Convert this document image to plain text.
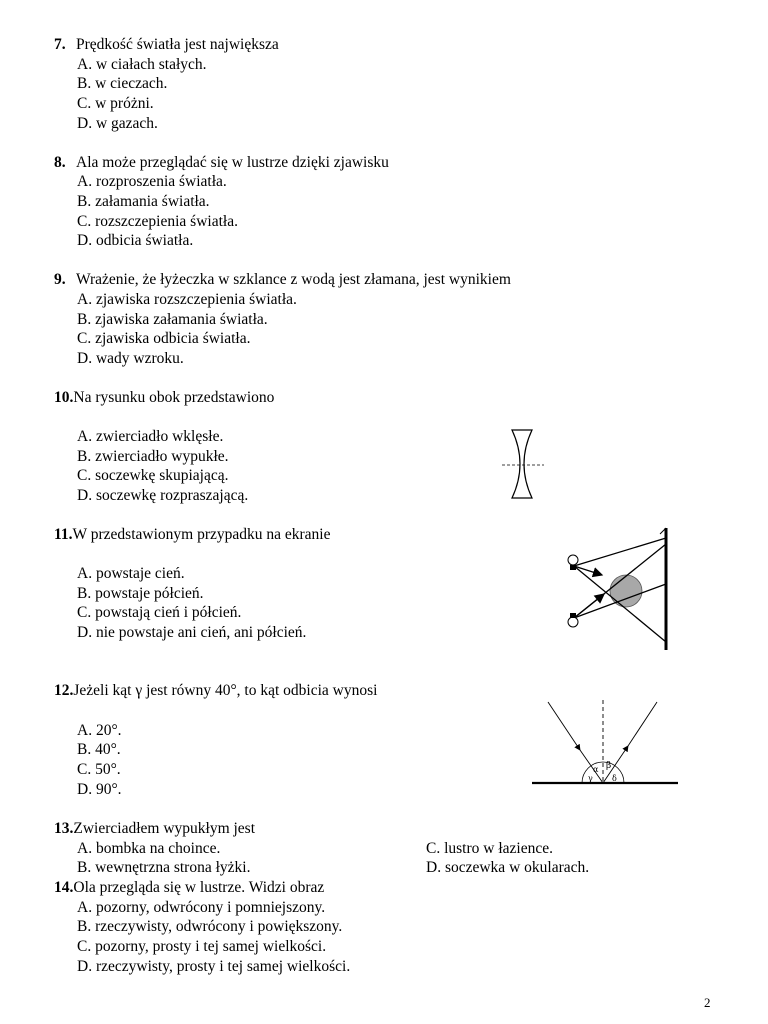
7. Prędkość światła jest największa
A. w ciałach stałych.
B. w cieczach.
C. w próżni.
D. w gazach.
8. Ala może przeglądać się w lustrze dzięki zjawisku
A. rozproszenia światła.
B. załamania światła.
C. rozszczepienia światła.
D. odbicia światła.
9. Wrażenie, że łyżeczka w szklance z wodą jest złamana, jest wynikiem
A. zjawiska rozszczepienia światła.
B. zjawiska załamania światła.
C. zjawiska odbicia światła.
D. wady wzroku.
10.Na rysunku obok przedstawiono
A. zwierciadło wklęsłe.
B. zwierciadło wypukłe.
C. soczewkę skupiającą.
D. soczewkę rozpraszającą.
11.W przedstawionym przypadku na ekranie
A. powstaje cień.
B. powstaje półcień.
C. powstają cień i półcień.
D. nie powstaje ani cień, ani półcień.
12.Jeżeli kąt γ jest równy 40°, to kąt odbicia wynosi
A. 20°.
B. 40°.
C. 50°.
D. 90°.
α β
γ δ
13.Zwierciadłem wypukłym jest
A. bombka na choince.
B. wewnętrzna strona łyżki.
C. lustro w łazience.
D. soczewka w okularach.
14.Ola przegląda się w lustrze. Widzi obraz
A. pozorny, odwrócony i pomniejszony.
B. rzeczywisty, odwrócony i powiększony.
C. pozorny, prosty i tej samej wielkości.
D. rzeczywisty, prosty i tej samej wielkości.
2
